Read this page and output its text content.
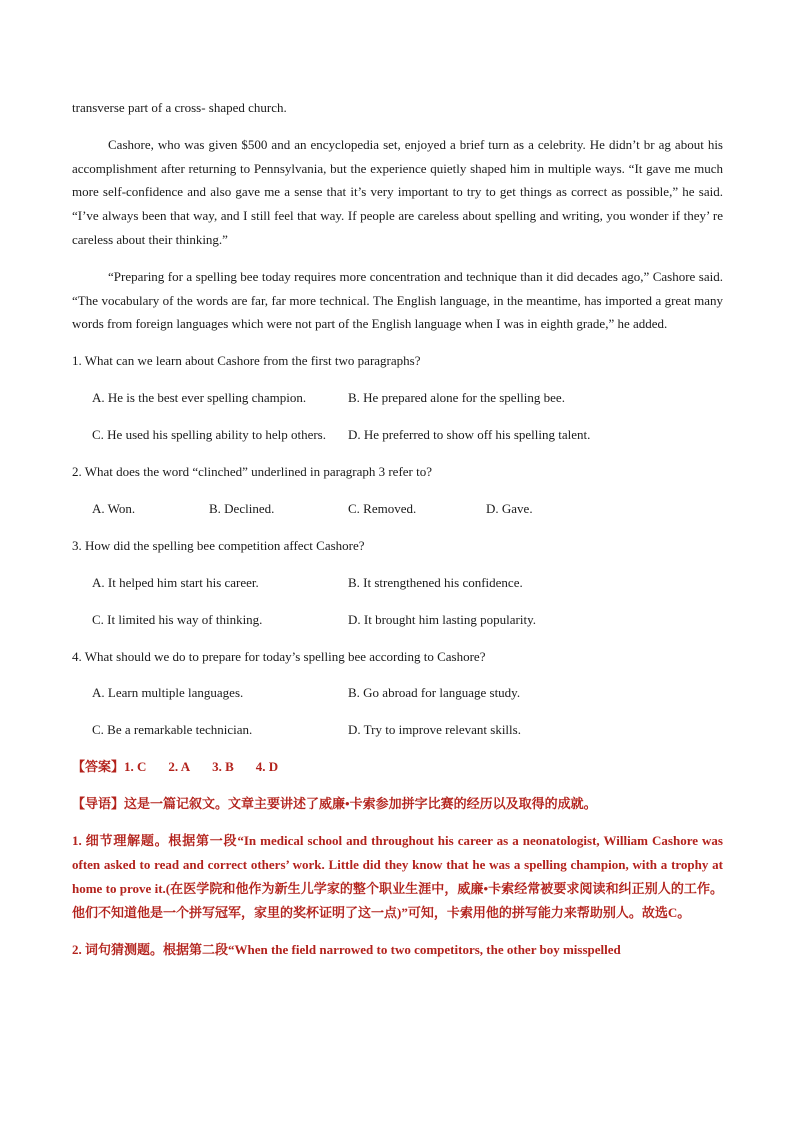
transverse part of a cross- shaped church.

Cashore, who was given $500 and an encyclopedia set, enjoyed a brief turn as a celebrity. He didn’t br ag about his accomplishment after returning to Pennsylvania, but the experience quietly shaped him in multiple ways. “It gave me much more self-confidence and also gave me a sense that it’s very important to try to get things as correct as possible,” he said. “I’ve always been that way, and I still feel that way. If people are careless about spelling and writing, you wonder if they’ re careless about their thinking.”

“Preparing for a spelling bee today requires more concentration and technique than it did decades ago,” Cashore said. “The vocabulary of the words are far, far more technical. The English language, in the meantime, has imported a great many words from foreign languages which were not part of the English language when I was in eighth grade,” he added.

1. What can we learn about Cashore from the first two paragraphs?

A. He is the best ever spelling champion.	B. He prepared alone for the spelling bee.
C. He used his spelling ability to help others. D. He preferred to show off his spelling talent.

2. What does the word “clinched” underlined in paragraph 3 refer to?

A. Won.	B. Declined.	C. Removed.	D. Gave.

3. How did the spelling bee competition affect Cashore?

A. It helped him start his career.	B. It strengthened his confidence.
C. It limited his way of thinking.	D. It brought him lasting popularity.

4. What should we do to prepare for today’s spelling bee according to Cashore?

A. Learn multiple languages.	B. Go abroad for language study.
C. Be a remarkable technician.	D. Try to improve relevant skills.

【答案】1. C 2. A 3. B 4. D

【导语】这是一篇记叙文。文章主要讲述了威廉•卡索参加拼字比赛的经历以及取得的成就。

1. 细节理解题。根据第一段“In medical school and throughout his career as a neonatologist, William Cashore was often asked to read and correct others’ work. Little did they know that he was a spelling champion, with a trophy at home to prove it.(在医学院和他作为新生儿学家的整个职业生涯中，威廉•卡索经常被要求阅读和纠正别人的工作。他们不知道他是一个拼写冠军，家里的奖杯证明了这一点)”可知，卡索用他的拼写能力来帮助别人。故选C。

2. 词句猜测题。根据第二段“When the field narrowed to two competitors, the other boy misspelled
